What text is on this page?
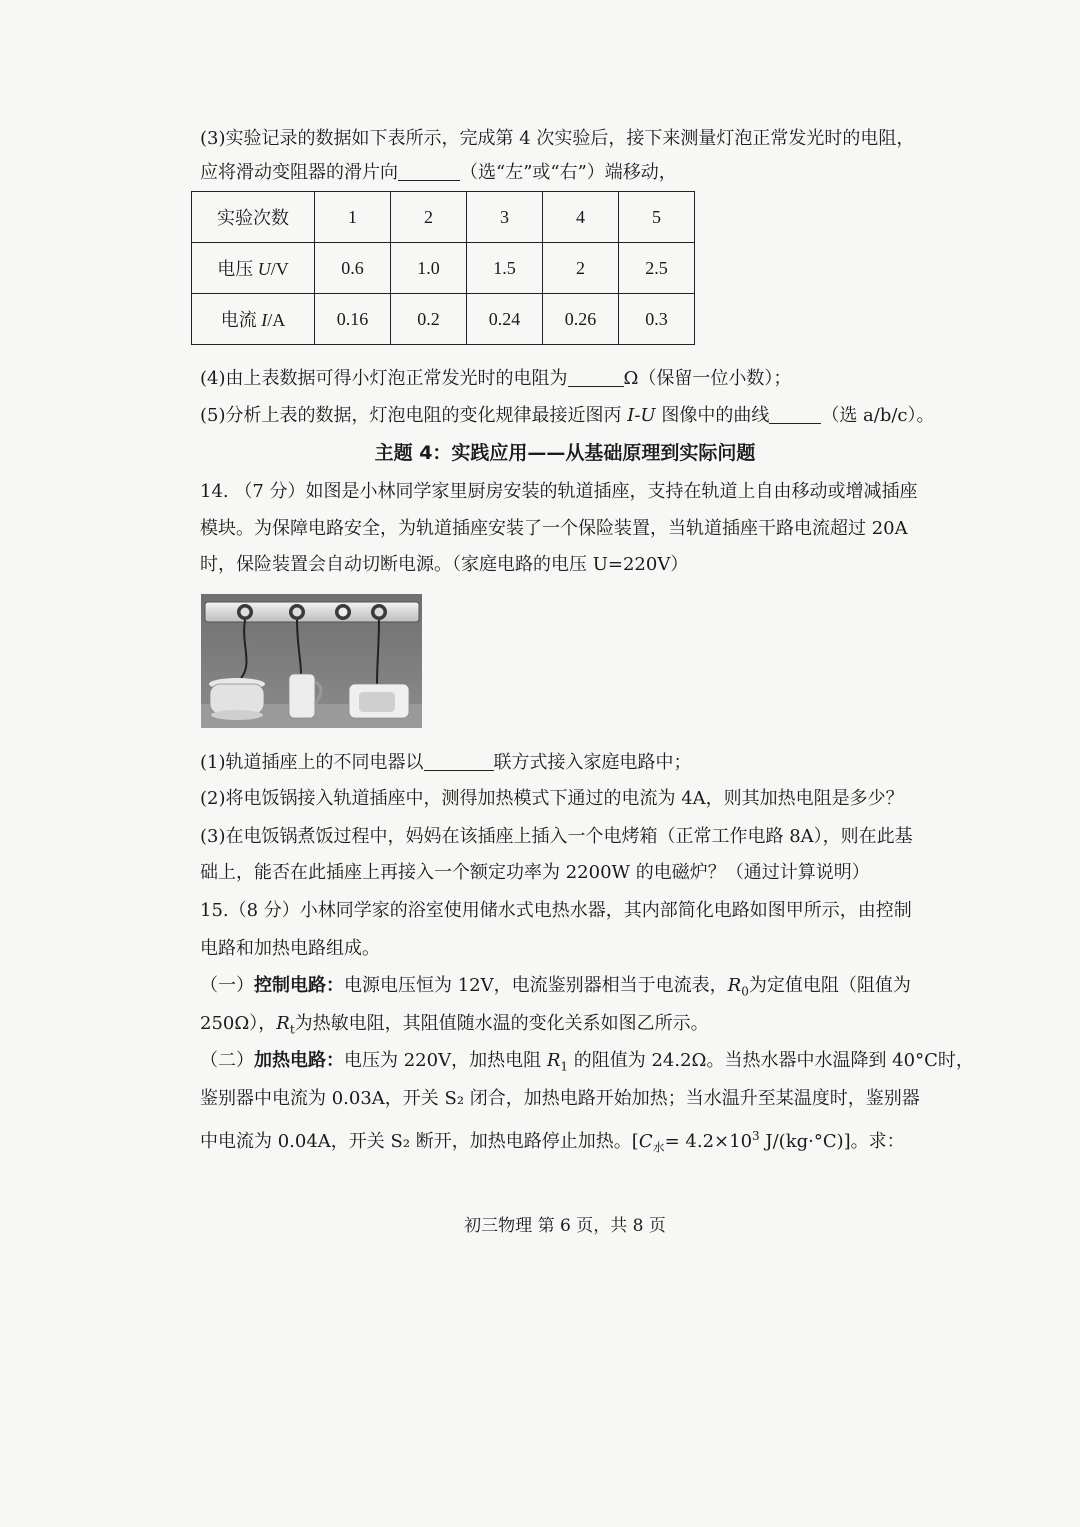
(3)实验记录的数据如下表所示，完成第 4 次实验后，接下来测量灯泡正常发光时的电阻，
应将滑动变阻器的滑片向	（选“左”或“右”）端移动，
实验次数	1	2	3	4	5
电压 U/V	0.6	1.0	1.5	2	2.5
电流 I/A	0.16	0.2	0.24	0.26	0.3
(4)由上表数据可得小灯泡正常发光时的电阻为	Ω（保留一位小数）；
(5)分析上表的数据，灯泡电阻的变化规律最接近图丙 I-U 图像中的曲线	（选 a/b/c）。
主题 4：实践应用——从基础原理到实际问题
14. （7 分）如图是小林同学家里厨房安装的轨道插座，支持在轨道上自由移动或增减插座
模块。为保障电路安全，为轨道插座安装了一个保险装置，当轨道插座干路电流超过 20A
时，保险装置会自动切断电源。（家庭电路的电压 U=220V）
(1)轨道插座上的不同电器以	联方式接入家庭电路中；
(2)将电饭锅接入轨道插座中，测得加热模式下通过的电流为 4A，则其加热电阻是多少？
(3)在电饭锅煮饭过程中，妈妈在该插座上插入一个电烤箱（正常工作电路 8A），则在此基
础上，能否在此插座上再接入一个额定功率为 2200W 的电磁炉？（通过计算说明）
15.（8 分）小林同学家的浴室使用储水式电热水器，其内部简化电路如图甲所示，由控制
电路和加热电路组成。
（一）控制电路：电源电压恒为 12V，电流鉴别器相当于电流表，$R_0$为定值电阻（阻值为
250Ω），$R_t$为热敏电阻，其阻值随水温的变化关系如图乙所示。
（二）加热电路：电压为 220V，加热电阻 $R_1$ 的阻值为 24.2Ω。当热水器中水温降到 40°C时，
鉴别器中电流为 0.03A，开关 S₂ 闭合，加热电路开始加热；当水温升至某温度时，鉴别器
中电流为 0.04A，开关 S₂ 断开，加热电路停止加热。[$C_水= 4.2\times 10^3$ J/(kg·°C)]。求：
初三物理 第 6 页，共 8 页
